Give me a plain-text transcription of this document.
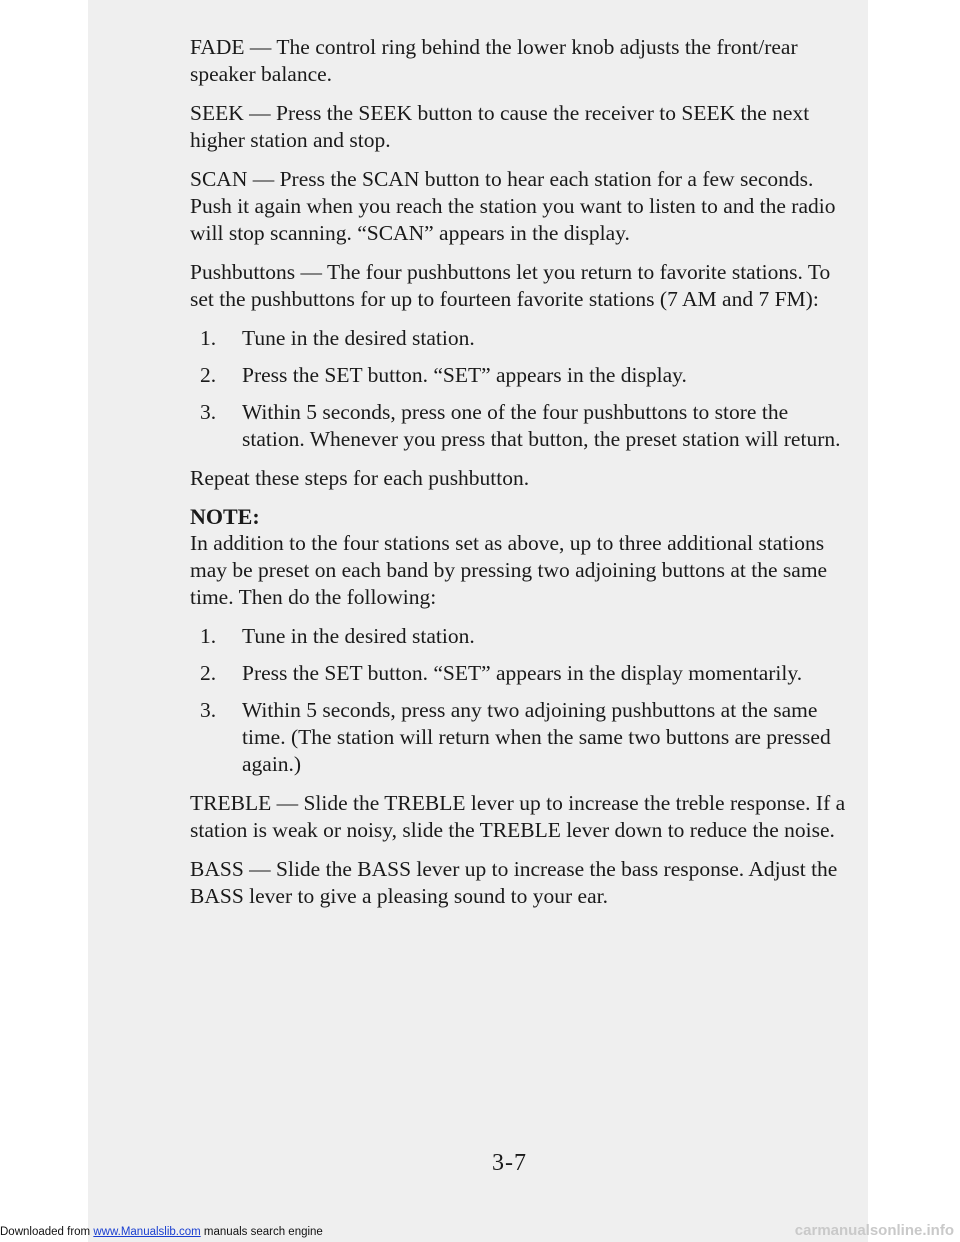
FADE — The control ring behind the lower knob adjusts the front/rear speaker balance.

SEEK — Press the SEEK button to cause the receiver to SEEK the next higher station and stop.

SCAN — Press the SCAN button to hear each station for a few seconds. Push it again when you reach the station you want to listen to and the radio will stop scanning. “SCAN” appears in the display.

Pushbuttons — The four pushbuttons let you return to favorite stations. To set the pushbuttons for up to fourteen favorite stations (7 AM and 7 FM):

1.	Tune in the desired station.
2.	Press the SET button. “SET” appears in the display.
3.	Within 5 seconds, press one of the four pushbuttons to store the station. Whenever you press that button, the preset station will return.

Repeat these steps for each pushbutton.

NOTE:

In addition to the four stations set as above, up to three additional stations may be preset on each band by pressing two adjoining buttons at the same time. Then do the following:

1.	Tune in the desired station.
2.	Press the SET button. “SET” appears in the display momentarily.
3.	Within 5 seconds, press any two adjoining pushbuttons at the same time. (The station will return when the same two buttons are pressed again.)

TREBLE — Slide the TREBLE lever up to increase the treble response. If a station is weak or noisy, slide the TREBLE lever down to reduce the noise.

BASS — Slide the BASS lever up to increase the bass response. Adjust the BASS lever to give a pleasing sound to your ear.

3-7
Downloaded from www.Manualslib.com manuals search engine	carmanualsonline.info
